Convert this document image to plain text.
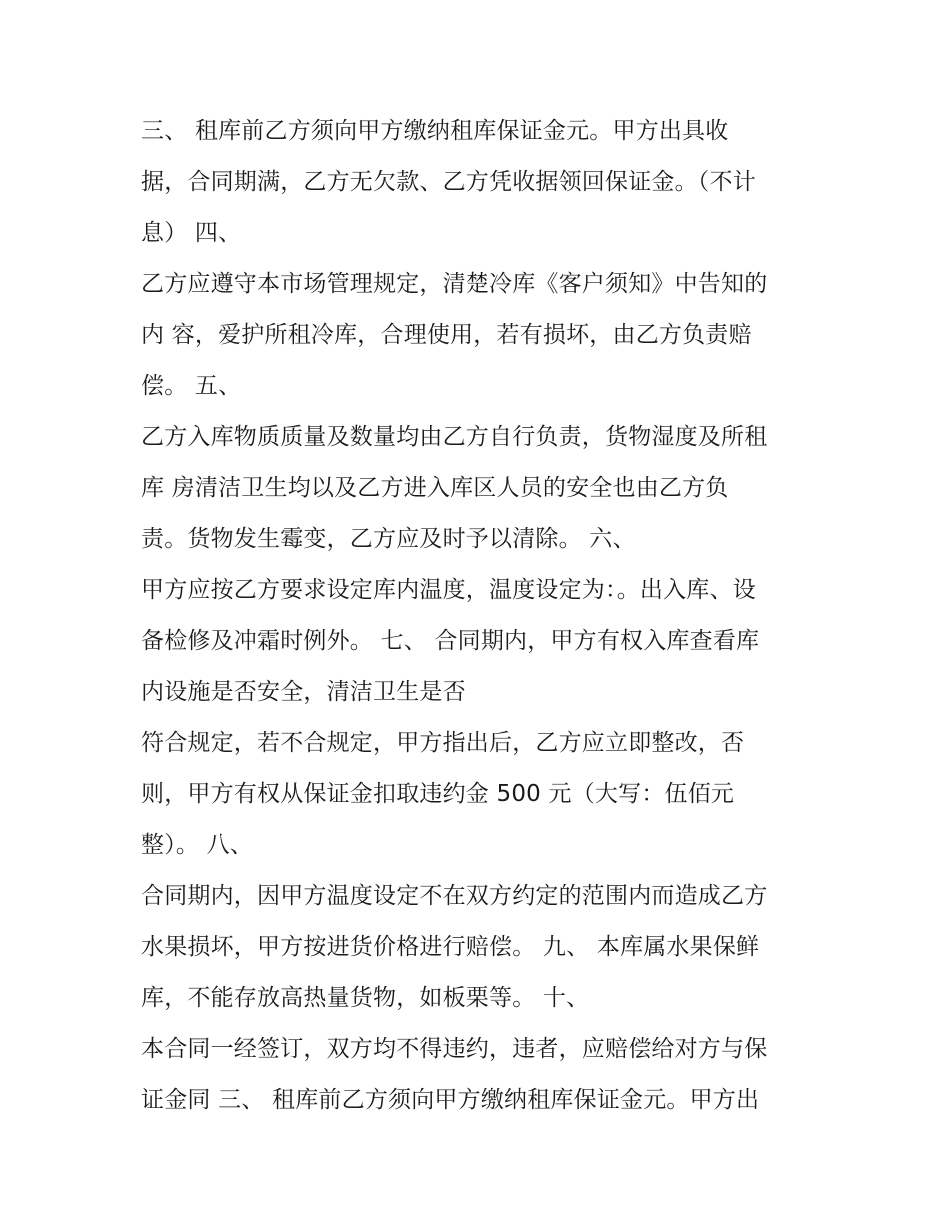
三、 租库前乙方须向甲方缴纳租库保证金元。甲方出具收
据，合同期满，乙方无欠款、乙方凭收据领回保证金。（不计
息） 四、
乙方应遵守本市场管理规定，清楚冷库《客户须知》中告知的
内 容，爱护所租冷库，合理使用，若有损坏，由乙方负责赔
偿。 五、
乙方入库物质质量及数量均由乙方自行负责，货物湿度及所租
库 房清洁卫生均以及乙方进入库区人员的安全也由乙方负
责。货物发生霉变，乙方应及时予以清除。 六、
甲方应按乙方要求设定库内温度，温度设定为：。出入库、设
备检修及冲霜时例外。 七、 合同期内，甲方有权入库查看库
内设施是否安全，清洁卫生是否
符合规定，若不合规定，甲方指出后，乙方应立即整改，否
则，甲方有权从保证金扣取违约金 500 元（大写：伍佰元
整）。 八、
合同期内，因甲方温度设定不在双方约定的范围内而造成乙方
水果损坏，甲方按进货价格进行赔偿。 九、 本库属水果保鲜
库，不能存放高热量货物，如板栗等。 十、
本合同一经签订，双方均不得违约，违者，应赔偿给对方与保
证金同 三、 租库前乙方须向甲方缴纳租库保证金元。甲方出
